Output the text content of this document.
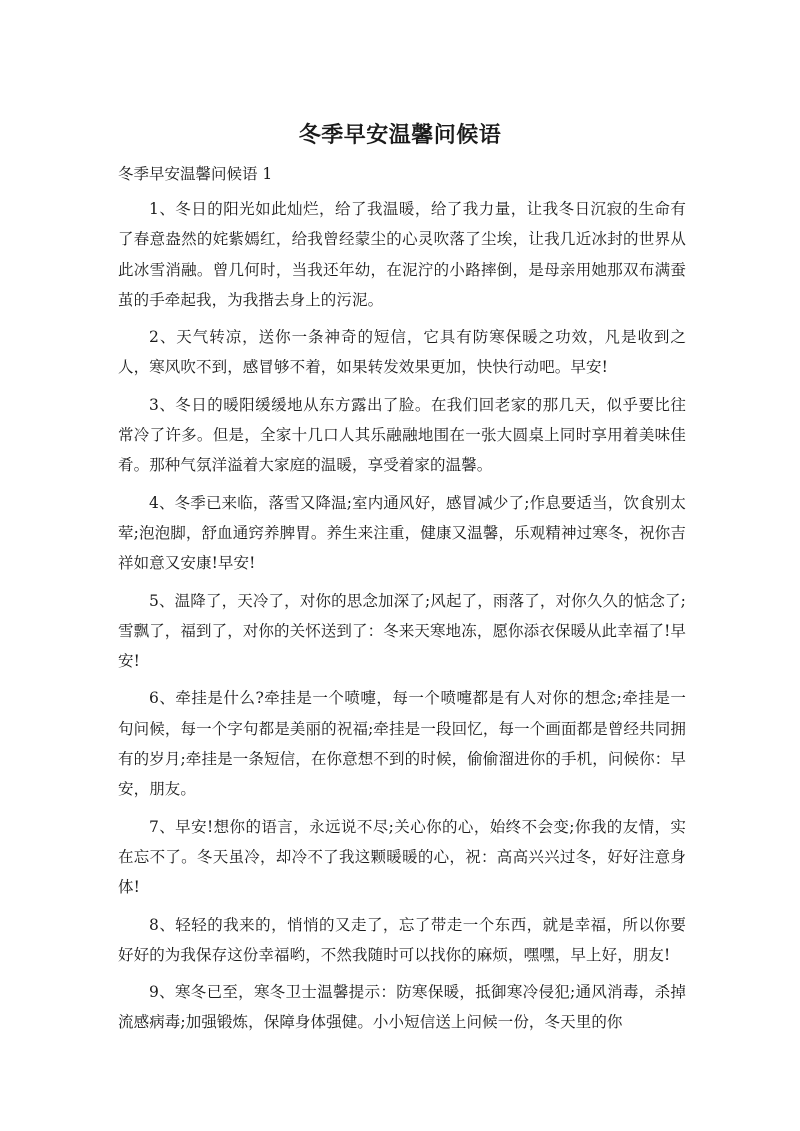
冬季早安温馨问候语

冬季早安温馨问候语 1

1、冬日的阳光如此灿烂，给了我温暖，给了我力量，让我冬日沉寂的生命有了春意盎然的姹紫嫣红，给我曾经蒙尘的心灵吹落了尘埃，让我几近冰封的世界从此冰雪消融。曾几何时，当我还年幼，在泥泞的小路摔倒，是母亲用她那双布满蚕茧的手牵起我，为我揩去身上的污泥。

2、天气转凉，送你一条神奇的短信，它具有防寒保暖之功效，凡是收到之人，寒风吹不到，感冒够不着，如果转发效果更加，快快行动吧。早安!

3、冬日的暖阳缓缓地从东方露出了脸。在我们回老家的那几天，似乎要比往常冷了许多。但是，全家十几口人其乐融融地围在一张大圆桌上同时享用着美味佳肴。那种气氛洋溢着大家庭的温暖，享受着家的温馨。

4、冬季已来临，落雪又降温;室内通风好，感冒减少了;作息要适当，饮食别太荤;泡泡脚，舒血通窍养脾胃。养生来注重，健康又温馨，乐观精神过寒冬，祝你吉祥如意又安康!早安!

5、温降了，天冷了，对你的思念加深了;风起了，雨落了，对你久久的惦念了;雪飘了，福到了，对你的关怀送到了：冬来天寒地冻，愿你添衣保暖从此幸福了!早安!

6、牵挂是什么?牵挂是一个喷嚏，每一个喷嚏都是有人对你的想念;牵挂是一句问候，每一个字句都是美丽的祝福;牵挂是一段回忆，每一个画面都是曾经共同拥有的岁月;牵挂是一条短信，在你意想不到的时候，偷偷溜进你的手机，问候你：早安，朋友。

7、早安!想你的语言，永远说不尽;关心你的心，始终不会变;你我的友情，实在忘不了。冬天虽冷，却冷不了我这颗暖暖的心，祝：高高兴兴过冬，好好注意身体!

8、轻轻的我来的，悄悄的又走了，忘了带走一个东西，就是幸福，所以你要好好的为我保存这份幸福哟，不然我随时可以找你的麻烦，嘿嘿，早上好，朋友!

9、寒冬已至，寒冬卫士温馨提示：防寒保暖，抵御寒冷侵犯;通风消毒，杀掉流感病毒;加强锻炼，保障身体强健。小小短信送上问候一份，冬天里的你
